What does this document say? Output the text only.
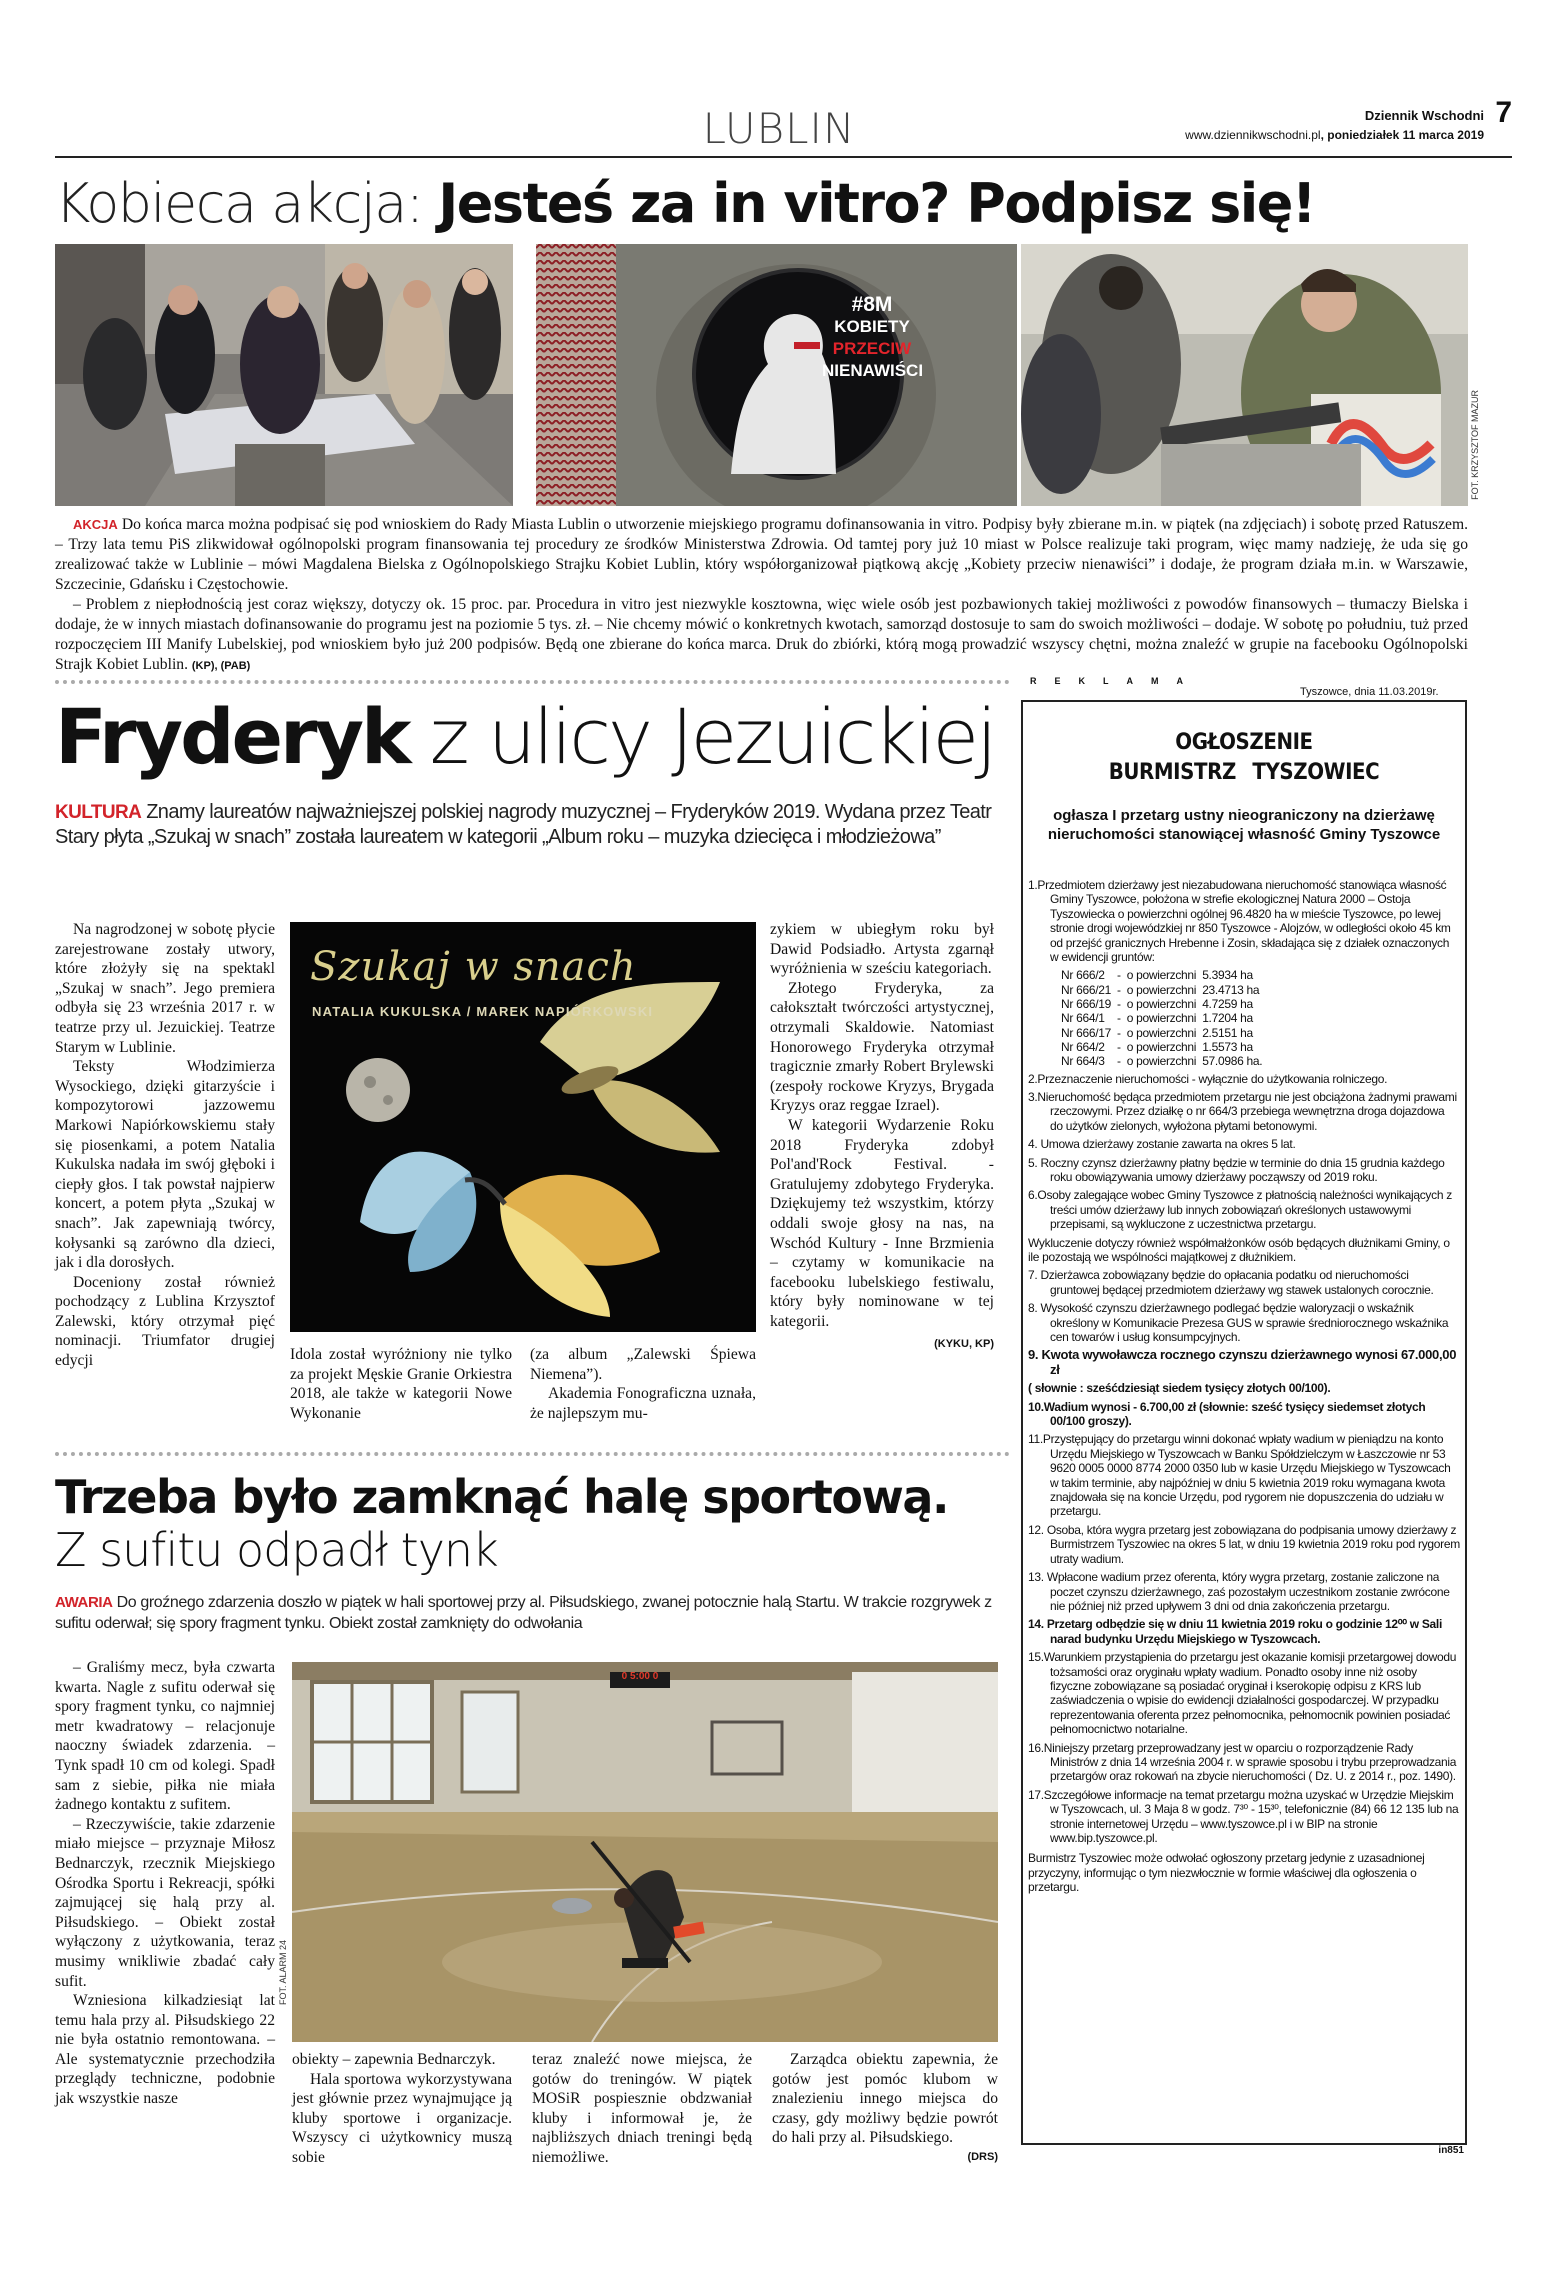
LUBLIN	7
Dziennik Wschodni
www.dziennikwschodni.pl, poniedziałek 11 marca 2019
Kobieca akcja: Jesteś za in vitro? Podpisz się!
#8M
KOBIETY
PRZECIW
NIENAWIŚCI
FOT. KRZYSZTOF MAZUR
AKCJA Do końca marca można podpisać się pod wnioskiem do Rady Miasta Lublin o utworzenie miejskiego programu dofinansowania in vitro. Podpisy były zbierane m.in. w piątek (na zdjęciach) i sobotę przed Ratuszem. – Trzy lata temu PiS zlikwidował ogólnopolski program finansowania tej procedury ze środków Ministerstwa Zdrowia. Od tamtej pory już 10 miast w Polsce realizuje taki program, więc mamy nadzieję, że uda się go zrealizować także w Lublinie – mówi Magdalena Bielska z Ogólnopolskiego Strajku Kobiet Lublin, który współorganizował piątkową akcję „Kobiety przeciw nienawiści” i dodaje, że program działa m.in. w Warszawie, Szczecinie, Gdańsku i Częstochowie.
– Problem z niepłodnością jest coraz większy, dotyczy ok. 15 proc. par. Procedura in vitro jest niezwykle kosztowna, więc wiele osób jest pozbawionych takiej możliwości z powodów finansowych – tłumaczy Bielska i dodaje, że w innych miastach dofinansowanie do programu jest na poziomie 5 tys. zł. – Nie chcemy mówić o konkretnych kwotach, samorząd dostosuje to sam do swoich możliwości – dodaje. W sobotę po południu, tuż przed rozpoczęciem III Manify Lubelskiej, pod wnioskiem było już 200 podpisów. Będą one zbierane do końca marca. Druk do zbiórki, którą mogą prowadzić wszyscy chętni, można znaleźć w grupie na facebooku Ogólnopolski Strajk Kobiet Lublin. (KP), (PAB)
Fryderyk z ulicy Jezuickiej
KULTURA Znamy laureatów najważniejszej polskiej nagrody muzycznej – Fryderyków 2019. Wydana przez Teatr Stary płyta „Szukaj w snach” została laureatem w kategorii „Album roku – muzyka dziecięca i młodzieżowa”

Na nagrodzonej w sobotę płycie zarejestrowane zostały utwory, które złożyły się na spektakl „Szukaj w snach”. Jego premiera odbyła się 23 września 2017 r. w teatrze przy ul. Jezuickiej. Teatrze Starym w Lublinie.

Teksty Włodzimierza Wysockiego, dzięki gitarzyście i kompozytorowi jazzowemu Markowi Napiórkowskiemu stały się piosenkami, a potem Natalia Kukulska nadała im swój głęboki i ciepły głos. I tak powstał najpierw koncert, a potem płyta „Szukaj w snach”. Jak zapewniają twórcy, kołysanki są zarówno dla dzieci, jak i dla dorosłych.

Doceniony został również pochodzący z Lublina Krzysztof Zalewski, który otrzymał pięć nominacji. Triumfator drugiej edycji

Szukaj w snach
NATALIA KUKULSKA / MAREK NAPIÓRKOWSKI

Idola został wyróżniony nie tylko za projekt Męskie Granie Orkiestra 2018, ale także w kategorii Nowe Wykonanie

(za album „Zalewski Śpiewa Niemena”).

Akademia Fonograficzna uznała, że najlepszym mu-

zykiem w ubiegłym roku był Dawid Podsiadło. Artysta zgarnął wyróżnienia w sześciu kategoriach.

Złotego Fryderyka, za całokształt twórczości artystycznej, otrzymali Skaldowie. Natomiast Honorowego Fryderyka otrzymał tragicznie zmarły Robert Brylewski (zespoły rockowe Kryzys, Brygada Kryzys oraz reggae Izrael).

W kategorii Wydarzenie Roku 2018 Fryderyka zdobył Pol'and'Rock Festival. - Gratulujemy zdobytego Fryderyka. Dziękujemy też wszystkim, którzy oddali swoje głosy na nas, na Wschód Kultury - Inne Brzmienia – czytamy w komunikacie na facebooku lubelskiego festiwalu, który były nominowane w tej kategorii.

(KYKU, KP)
Trzeba było zamknąć halę sportową.
Z sufitu odpadł tynk
AWARIA Do groźnego zdarzenia doszło w piątek w hali sportowej przy al. Piłsudskiego, zwanej potocznie halą Startu. W trakcie rozgrywek z sufitu oderwał; się spory fragment tynku. Obiekt został zamknięty do odwołania

– Graliśmy mecz, była czwarta kwarta. Nagle z sufitu oderwał się spory fragment tynku, co najmniej metr kwadratowy – relacjonuje naoczny świadek zdarzenia. – Tynk spadł 10 cm od kolegi. Spadł sam z siebie, piłka nie miała żadnego kontaktu z sufitem.

– Rzeczywiście, takie zdarzenie miało miejsce – przyznaje Miłosz Bednarczyk, rzecznik Miejskiego Ośrodka Sportu i Rekreacji, spółki zajmującej się halą przy al. Piłsudskiego. – Obiekt został wyłączony z użytkowania, teraz musimy wnikliwie zbadać cały sufit.

Wzniesiona kilkadziesiąt lat temu hala przy al. Piłsudskiego 22 nie była ostatnio remontowana. – Ale systematycznie przechodziła przeglądy techniczne, podobnie jak wszystkie nasze

0 5:00 0
FOT. ALARM 24

obiekty – zapewnia Bednarczyk.

Hala sportowa wykorzystywana jest głównie przez wynajmujące ją kluby sportowe i organizacje. Wszyscy ci użytkownicy muszą sobie

teraz znaleźć nowe miejsca, że gotów do treningów. W piątek MOSiR pospiesznie obdzwaniał kluby i informował je, że najbliższych dniach treningi będą niemożliwe.

Zarządca obiektu zapewnia, że gotów jest pomóc klubom w znalezieniu innego miejsca do czasy, gdy możliwy będzie powrót do hali przy al. Piłsudskiego.

(DRS)
REKLAMA
Tyszowce, dnia 11.03.2019r.
OGŁOSZENIE
BURMISTRZ TYSZOWIEC
ogłasza I przetarg ustny nieograniczony na dzierżawę nieruchomości stanowiącej własność Gminy Tyszowce
1.Przedmiotem dzierżawy jest niezabudowana nieruchomość stanowiąca własność Gminy Tyszowce, położona w strefie ekologicznej Natura 2000 – Ostoja Tyszowiecka o powierzchni ogólnej 96.4820 ha w mieście Tyszowce, po lewej stronie drogi wojewódzkiej nr 850 Tyszowce - Alojzów, w odległości około 45 km od przejść granicznych Hrebenne i Zosin, składająca się z działek oznaczonych w ewidencji gruntów:
Nr 666/2	-	o powierzchni	5.3934 ha
Nr 666/21	-	o powierzchni	23.4713 ha
Nr 666/19	-	o powierzchni	4.7259 ha
Nr 664/1	-	o powierzchni	1.7204 ha
Nr 666/17	-	o powierzchni	2.5151 ha
Nr 664/2	-	o powierzchni	1.5573 ha
Nr 664/3	-	o powierzchni	57.0986 ha.
2.Przeznaczenie nieruchomości - wyłącznie do użytkowania rolniczego.
3.Nieruchomość będąca przedmiotem przetargu nie jest obciążona żadnymi prawami rzeczowymi. Przez działkę o nr 664/3 przebiega wewnętrzna droga dojazdowa do użytków zielonych, wyłożona płytami betonowymi.
4. Umowa dzierżawy zostanie zawarta na okres 5 lat.
5. Roczny czynsz dzierżawny płatny będzie w terminie do dnia 15 grudnia każdego roku obowiązywania umowy dzierżawy począwszy od 2019 roku.
6.Osoby zalegające wobec Gminy Tyszowce z płatnością należności wynikających z treści umów dzierżawy lub innych zobowiązań określonych ustawowymi przepisami, są wykluczone z uczestnictwa przetargu.
Wykluczenie dotyczy również współmałżonków osób będących dłużnikami Gminy, o ile pozostają we wspólności majątkowej z dłużnikiem.
7. Dzierżawca zobowiązany będzie do opłacania podatku od nieruchomości gruntowej będącej przedmiotem dzierżawy wg stawek ustalonych corocznie.
8. Wysokość czynszu dzierżawnego podlegać będzie waloryzacji o wskaźnik określony w Komunikacie Prezesa GUS w sprawie średniorocznego wskaźnika cen towarów i usług konsumpcyjnych.
9. Kwota wywoławcza rocznego czynszu dzierżawnego wynosi 67.000,00 zł
( słownie : sześćdziesiąt siedem tysięcy złotych 00/100).
10.Wadium wynosi - 6.700,00 zł (słownie: sześć tysięcy siedemset złotych 00/100 groszy).
11.Przystępujący do przetargu winni dokonać wpłaty wadium w pieniądzu na konto Urzędu Miejskiego w Tyszowcach w Banku Spółdzielczym w Łaszczowie nr 53 9620 0005 0000 8774 2000 0350 lub w kasie Urzędu Miejskiego w Tyszowcach w takim terminie, aby najpóźniej w dniu 5 kwietnia 2019 roku wymagana kwota znajdowała się na koncie Urzędu, pod rygorem nie dopuszczenia do udziału w przetargu.
12. Osoba, która wygra przetarg jest zobowiązana do podpisania umowy dzierżawy z Burmistrzem Tyszowiec na okres 5 lat, w dniu 19 kwietnia 2019 roku pod rygorem utraty wadium.
13. Wpłacone wadium przez oferenta, który wygra przetarg, zostanie zaliczone na poczet czynszu dzierżawnego, zaś pozostałym uczestnikom zostanie zwrócone nie później niż przed upływem 3 dni od dnia zakończenia przetargu.
14. Przetarg odbędzie się w dniu 11 kwietnia 2019 roku o godzinie 12⁰⁰ w Sali narad budynku Urzędu Miejskiego w Tyszowcach.
15.Warunkiem przystąpienia do przetargu jest okazanie komisji przetargowej dowodu tożsamości oraz oryginału wpłaty wadium. Ponadto osoby inne niż osoby fizyczne zobowiązane są posiadać oryginał i kserokopię odpisu z KRS lub zaświadczenia o wpisie do ewidencji działalności gospodarczej. W przypadku reprezentowania oferenta przez pełnomocnika, pełnomocnik powinien posiadać pełnomocnictwo notarialne.
16.Niniejszy przetarg przeprowadzany jest w oparciu o rozporządzenie Rady Ministrów z dnia 14 września 2004 r. w sprawie sposobu i trybu przeprowadzania przetargów oraz rokowań na zbycie nieruchomości ( Dz. U. z 2014 r., poz. 1490).
17.Szczegółowe informacje na temat przetargu można uzyskać w Urzędzie Miejskim w Tyszowcach, ul. 3 Maja 8 w godz. 7³⁰ - 15³⁰, telefonicznie (84) 66 12 135 lub na stronie internetowej Urzędu – www.tyszowce.pl i w BIP na stronie www.bip.tyszowce.pl.
Burmistrz Tyszowiec może odwołać ogłoszony przetarg jedynie z uzasadnionej przyczyny, informując o tym niezwłocznie w formie właściwej dla ogłoszenia o przetargu.
in851
